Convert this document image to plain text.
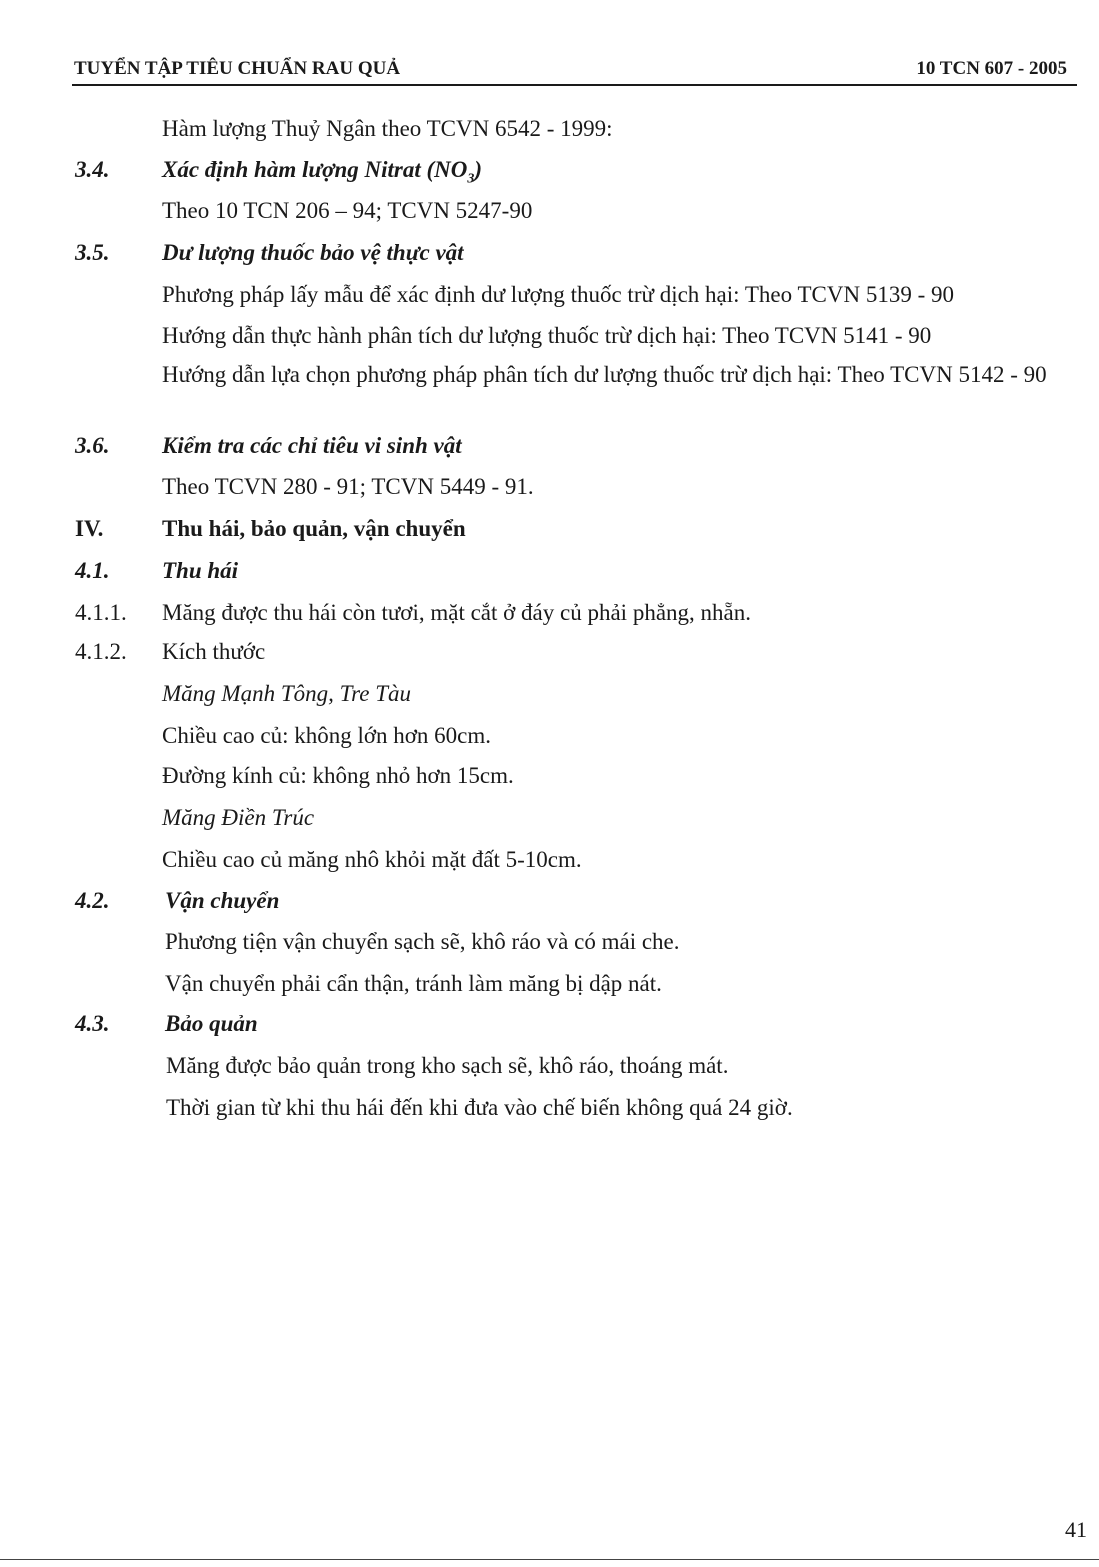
TUYỂN TẬP TIÊU CHUẨN RAU QUẢ	10 TCN 607 - 2005
Hàm lượng Thuỷ Ngân theo TCVN 6542 - 1999:
3.4. Xác định hàm lượng Nitrat $(NO_3)$
Theo 10 TCN 206 – 94; TCVN 5247-90
3.5. Dư lượng thuốc bảo vệ thực vật
Phương pháp lấy mẫu để xác định dư lượng thuốc trừ dịch hại: Theo TCVN 5139 - 90
Hướng dẫn thực hành phân tích dư lượng thuốc trừ dịch hại: Theo TCVN 5141 - 90
Hướng dẫn lựa chọn phương pháp phân tích dư lượng thuốc trừ dịch hại: Theo TCVN 5142 - 90
3.6. Kiểm tra các chỉ tiêu vi sinh vật
Theo TCVN 280 - 91; TCVN 5449 - 91.
IV.	Thu hái, bảo quản, vận chuyển
4.1. Thu hái
4.1.1. Măng được thu hái còn tươi, mặt cắt ở đáy củ phải phẳng, nhẵn.
4.1.2. Kích thước
Măng Mạnh Tông, Tre Tàu
Chiều cao củ: không lớn hơn 60cm.
Đường kính củ: không nhỏ hơn 15cm.
Măng Điền Trúc
Chiều cao củ măng nhô khỏi mặt đất 5-10cm.
4.2. Vận chuyển
Phương tiện vận chuyển sạch sẽ, khô ráo và có mái che.
Vận chuyển phải cẩn thận, tránh làm măng bị dập nát.
4.3. Bảo quản
Măng được bảo quản trong kho sạch sẽ, khô ráo, thoáng mát.
Thời gian từ khi thu hái đến khi đưa vào chế biến không quá 24 giờ.
41
